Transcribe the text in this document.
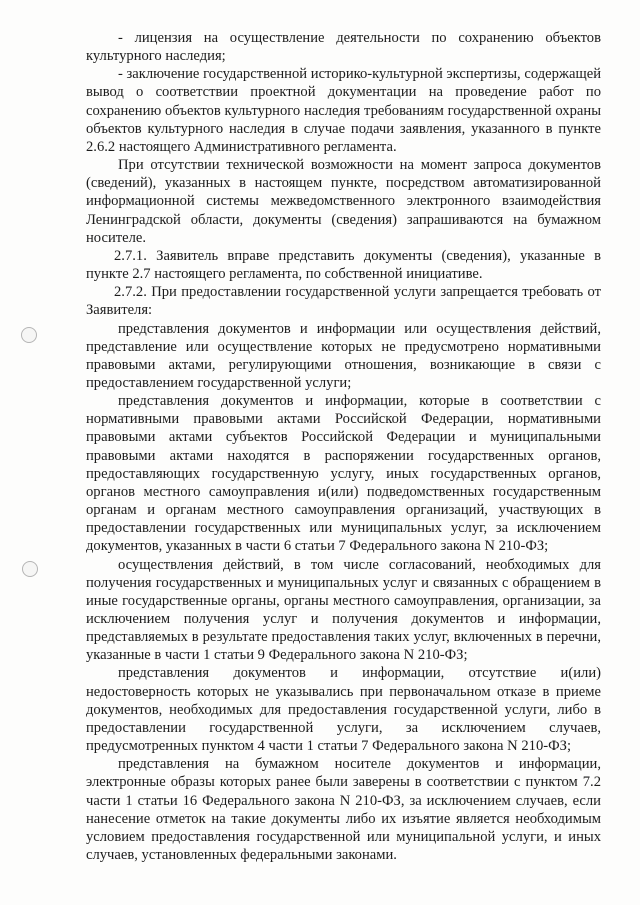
- лицензия на осуществление деятельности по сохранению объектов культурного наследия;

- заключение государственной историко-культурной экспертизы, содержащей вывод о соответствии проектной документации на проведение работ по сохранению объектов культурного наследия требованиям государственной охраны объектов культурного наследия в случае подачи заявления, указанного в пункте 2.6.2 настоящего Административного регламента.

При отсутствии технической возможности на момент запроса документов (сведений), указанных в настоящем пункте, посредством автоматизированной информационной системы межведомственного электронного взаимодействия Ленинградской области, документы (сведения) запрашиваются на бумажном носителе.

2.7.1. Заявитель вправе представить документы (сведения), указанные в пункте 2.7 настоящего регламента, по собственной инициативе.

2.7.2. При предоставлении государственной услуги запрещается требовать от Заявителя:

представления документов и информации или осуществления действий, представление или осуществление которых не предусмотрено нормативными правовыми актами, регулирующими отношения, возникающие в связи с предоставлением государственной услуги;

представления документов и информации, которые в соответствии с нормативными правовыми актами Российской Федерации, нормативными правовыми актами субъектов Российской Федерации и муниципальными правовыми актами находятся в распоряжении государственных органов, предоставляющих государственную услугу, иных государственных органов, органов местного самоуправления и(или) подведомственных государственным органам и органам местного самоуправления организаций, участвующих в предоставлении государственных или муниципальных услуг, за исключением документов, указанных в части 6 статьи 7 Федерального закона N 210-ФЗ;

осуществления действий, в том числе согласований, необходимых для получения государственных и муниципальных услуг и связанных с обращением в иные государственные органы, органы местного самоуправления, организации, за исключением получения услуг и получения документов и информации, представляемых в результате предоставления таких услуг, включенных в перечни, указанные в части 1 статьи 9 Федерального закона N 210-ФЗ;

представления документов и информации, отсутствие и(или) недостоверность которых не указывались при первоначальном отказе в приеме документов, необходимых для предоставления государственной услуги, либо в предоставлении государственной услуги, за исключением случаев, предусмотренных пунктом 4 части 1 статьи 7 Федерального закона N 210-ФЗ;

представления на бумажном носителе документов и информации, электронные образы которых ранее были заверены в соответствии с пунктом 7.2 части 1 статьи 16 Федерального закона N 210-ФЗ, за исключением случаев, если нанесение отметок на такие документы либо их изъятие является необходимым условием предоставления государственной или муниципальной услуги, и иных случаев, установленных федеральными законами.
